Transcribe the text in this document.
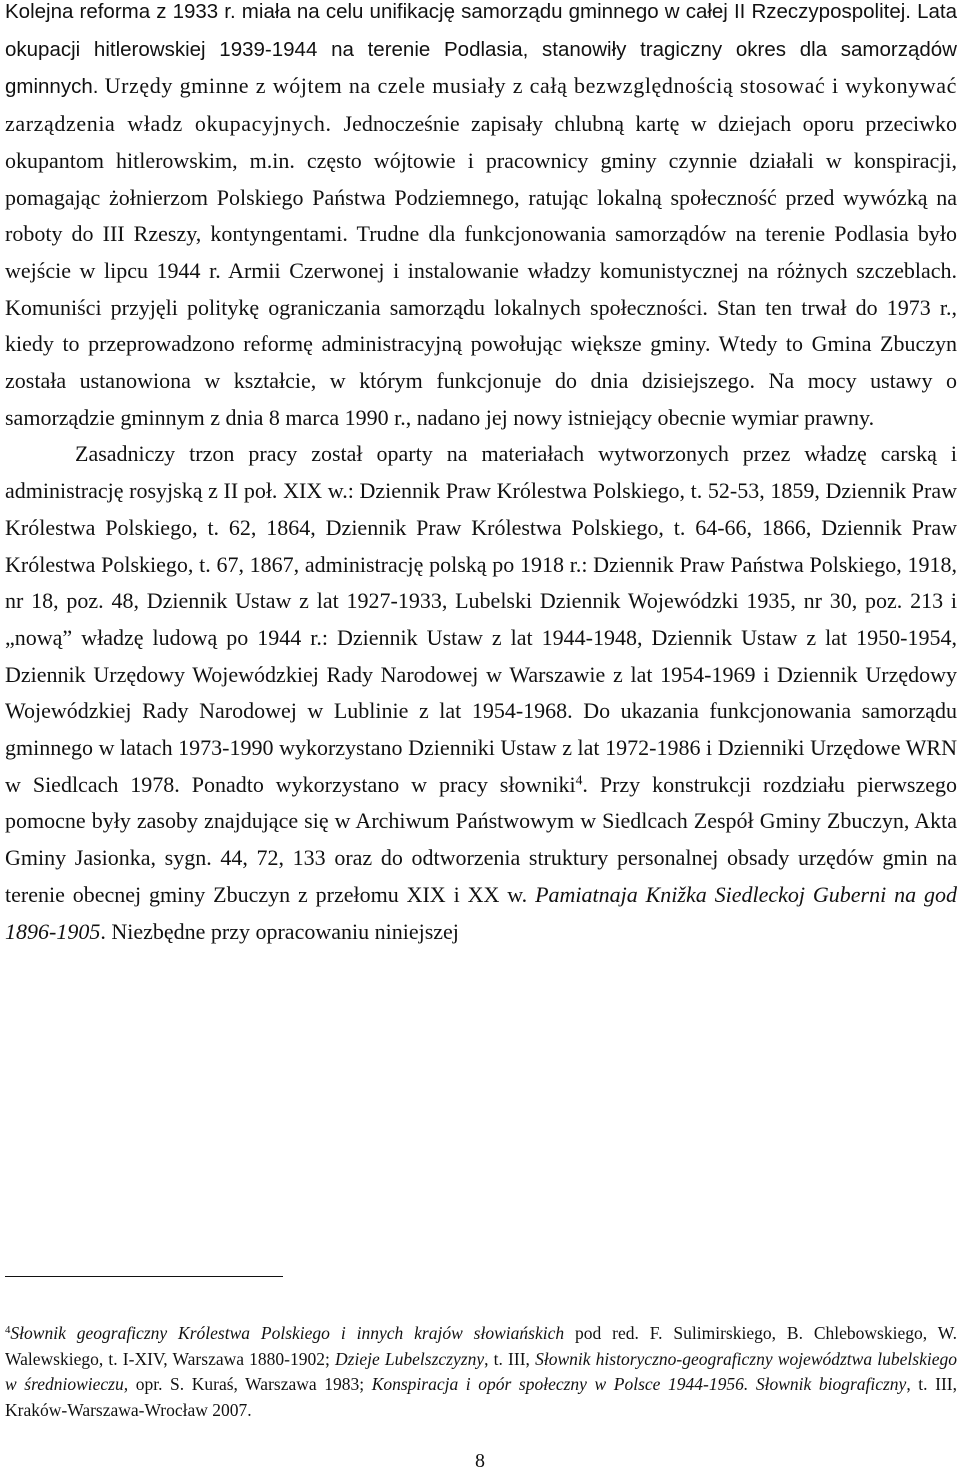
Kolejna reforma z 1933 r. miała na celu unifikację samorządu gminnego w całej II Rzeczypospolitej. Lata okupacji hitlerowskiej 1939-1944 na terenie Podlasia, stanowiły tragiczny okres dla samorządów gminnych. Urzędy gminne z wójtem na czele musiały z całą bezwzględnością stosować i wykonywać zarządzenia władz okupacyjnych. Jednocześnie zapisały chlubną kartę w dziejach oporu przeciwko okupantom hitlerowskim, m.in. często wójtowie i pracownicy gminy czynnie działali w konspiracji, pomagając żołnierzom Polskiego Państwa Podziemnego, ratując lokalną społeczność przed wywózką na roboty do III Rzeszy, kontyngentami. Trudne dla funkcjonowania samorządów na terenie Podlasia było wejście w lipcu 1944 r. Armii Czerwonej i instalowanie władzy komunistycznej na różnych szczeblach. Komuniści przyjęli politykę ograniczania samorządu lokalnych społeczności. Stan ten trwał do 1973 r., kiedy to przeprowadzono reformę administracyjną powołując większe gminy. Wtedy to Gmina Zbuczyn została ustanowiona w kształcie, w którym funkcjonuje do dnia dzisiejszego. Na mocy ustawy o samorządzie gminnym z dnia 8 marca 1990 r., nadano jej nowy istniejący obecnie wymiar prawny.

Zasadniczy trzon pracy został oparty na materiałach wytworzonych przez władzę carską i administrację rosyjską z II poł. XIX w.: Dziennik Praw Królestwa Polskiego, t. 52-53, 1859, Dziennik Praw Królestwa Polskiego, t. 62, 1864, Dziennik Praw Królestwa Polskiego, t. 64-66, 1866, Dziennik Praw Królestwa Polskiego, t. 67, 1867, administrację polską po 1918 r.: Dziennik Praw Państwa Polskiego, 1918, nr 18, poz. 48, Dziennik Ustaw z lat 1927-1933, Lubelski Dziennik Wojewódzki 1935, nr 30, poz. 213 i „nową” władzę ludową po 1944 r.: Dziennik Ustaw z lat 1944-1948, Dziennik Ustaw z lat 1950-1954, Dziennik Urzędowy Wojewódzkiej Rady Narodowej w Warszawie z lat 1954-1969 i Dziennik Urzędowy Wojewódzkiej Rady Narodowej w Lublinie z lat 1954-1968. Do ukazania funkcjonowania samorządu gminnego w latach 1973-1990 wykorzystano Dzienniki Ustaw z lat 1972-1986 i Dzienniki Urzędowe WRN w Siedlcach 1978. Ponadto wykorzystano w pracy słowniki$^4$. Przy konstrukcji rozdziału pierwszego pomocne były zasoby znajdujące się w Archiwum Państwowym w Siedlcach Zespół Gminy Zbuczyn, Akta Gminy Jasionka, sygn. 44, 72, 133 oraz do odtworzenia struktury personalnej obsady urzędów gmin na terenie obecnej gminy Zbuczyn z przełomu XIX i XX w. Pamiatnaja Knižka Siedleckoj Guberni na god 1896-1905. Niezbędne przy opracowaniu niniejszej

$^4$Słownik geograficzny Królestwa Polskiego i innych krajów słowiańskich pod red. F. Sulimirskiego, B. Chlebowskiego, W. Walewskiego, t. I-XIV, Warszawa 1880-1902; Dzieje Lubelszczyzny, t. III, Słownik historyczno-geograficzny województwa lubelskiego w średniowieczu, opr. S. Kuraś, Warszawa 1983; Konspiracja i opór społeczny w Polsce 1944-1956. Słownik biograficzny, t. III, Kraków-Warszawa-Wrocław 2007.

8
